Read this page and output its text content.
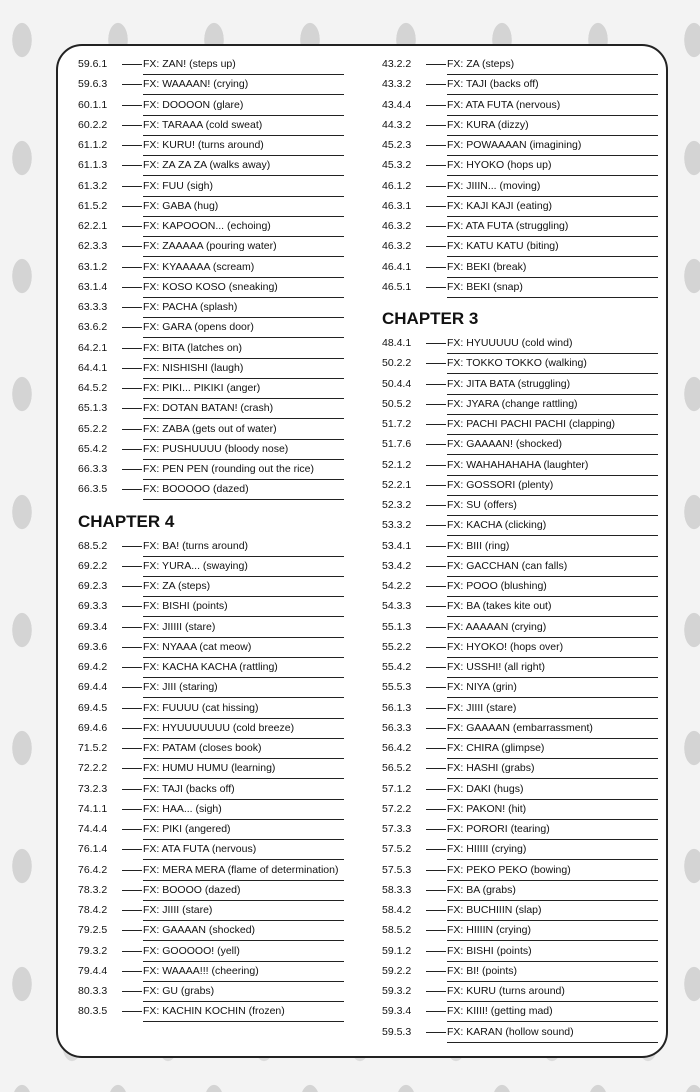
59.6.1	FX: ZAN! (steps up)
59.6.3	FX: WAAAAN! (crying)
60.1.1	FX: DOOOON (glare)
60.2.2	FX: TARAAA (cold sweat)
61.1.2	FX: KURU! (turns around)
61.1.3	FX: ZA ZA ZA (walks away)
61.3.2	FX: FUU (sigh)
61.5.2	FX: GABA (hug)
62.2.1	FX: KAPOOON... (echoing)
62.3.3	FX: ZAAAAA (pouring water)
63.1.2	FX: KYAAAAA (scream)
63.1.4	FX: KOSO KOSO (sneaking)
63.3.3	FX: PACHA (splash)
63.6.2	FX: GARA (opens door)
64.2.1	FX: BITA (latches on)
64.4.1	FX: NISHISHI (laugh)
64.5.2	FX: PIKI... PIKIKI (anger)
65.1.3	FX: DOTAN BATAN! (crash)
65.2.2	FX: ZABA (gets out of water)
65.4.2	FX: PUSHUUUU (bloody nose)
66.3.3	FX: PEN PEN (rounding out the rice)
66.3.5	FX: BOOOOO (dazed)
CHAPTER 4
68.5.2	FX: BA! (turns around)
69.2.2	FX: YURA... (swaying)
69.2.3	FX: ZA (steps)
69.3.3	FX: BISHI (points)
69.3.4	FX: JIIIII (stare)
69.3.6	FX: NYAAA (cat meow)
69.4.2	FX: KACHA KACHA (rattling)
69.4.4	FX: JIII (staring)
69.4.5	FX: FUUUU (cat hissing)
69.4.6	FX: HYUUUUUUU (cold breeze)
71.5.2	FX: PATAM (closes book)
72.2.2	FX: HUMU HUMU (learning)
73.2.3	FX: TAJI (backs off)
74.1.1	FX: HAA... (sigh)
74.4.4	FX: PIKI (angered)
76.1.4	FX: ATA FUTA (nervous)
76.4.2	FX: MERA MERA (flame of determination)
78.3.2	FX: BOOOO (dazed)
78.4.2	FX: JIIII (stare)
79.2.5	FX: GAAAAN (shocked)
79.3.2	FX: GOOOOO! (yell)
79.4.4	FX: WAAAA!!! (cheering)
80.3.3	FX: GU (grabs)
80.3.5	FX: KACHIN KOCHIN (frozen)
43.2.2	FX: ZA (steps)
43.3.2	FX: TAJI (backs off)
43.4.4	FX: ATA FUTA (nervous)
44.3.2	FX: KURA (dizzy)
45.2.3	FX: POWAAAAN (imagining)
45.3.2	FX: HYOKO (hops up)
46.1.2	FX: JIIIN... (moving)
46.3.1	FX: KAJI KAJI (eating)
46.3.2	FX: ATA FUTA (struggling)
46.3.2	FX: KATU KATU (biting)
46.4.1	FX: BEKI (break)
46.5.1	FX: BEKI (snap)
CHAPTER 3
48.4.1	FX: HYUUUUU (cold wind)
50.2.2	FX: TOKKO TOKKO (walking)
50.4.4	FX: JITA BATA (struggling)
50.5.2	FX: JYARA (change rattling)
51.7.2	FX: PACHI PACHI PACHI (clapping)
51.7.6	FX: GAAAAN! (shocked)
52.1.2	FX: WAHAHAHAHA (laughter)
52.2.1	FX: GOSSORI (plenty)
52.3.2	FX: SU (offers)
53.3.2	FX: KACHA (clicking)
53.4.1	FX: BIII (ring)
53.4.2	FX: GACCHAN (can falls)
54.2.2	FX: POOO (blushing)
54.3.3	FX: BA (takes kite out)
55.1.3	FX: AAAAAN (crying)
55.2.2	FX: HYOKO! (hops over)
55.4.2	FX: USSHI! (all right)
55.5.3	FX: NIYA (grin)
56.1.3	FX: JIIII (stare)
56.3.3	FX: GAAAAN (embarrassment)
56.4.2	FX: CHIRA (glimpse)
56.5.2	FX: HASHI (grabs)
57.1.2	FX: DAKI (hugs)
57.2.2	FX: PAKON! (hit)
57.3.3	FX: PORORI (tearing)
57.5.2	FX: HIIIII (crying)
57.5.3	FX: PEKO PEKO (bowing)
58.3.3	FX: BA (grabs)
58.4.2	FX: BUCHIIIN (slap)
58.5.2	FX: HIIIIN (crying)
59.1.2	FX: BISHI (points)
59.2.2	FX: BI! (points)
59.3.2	FX: KURU (turns around)
59.3.4	FX: KIIII! (getting mad)
59.5.3	FX: KARAN (hollow sound)
